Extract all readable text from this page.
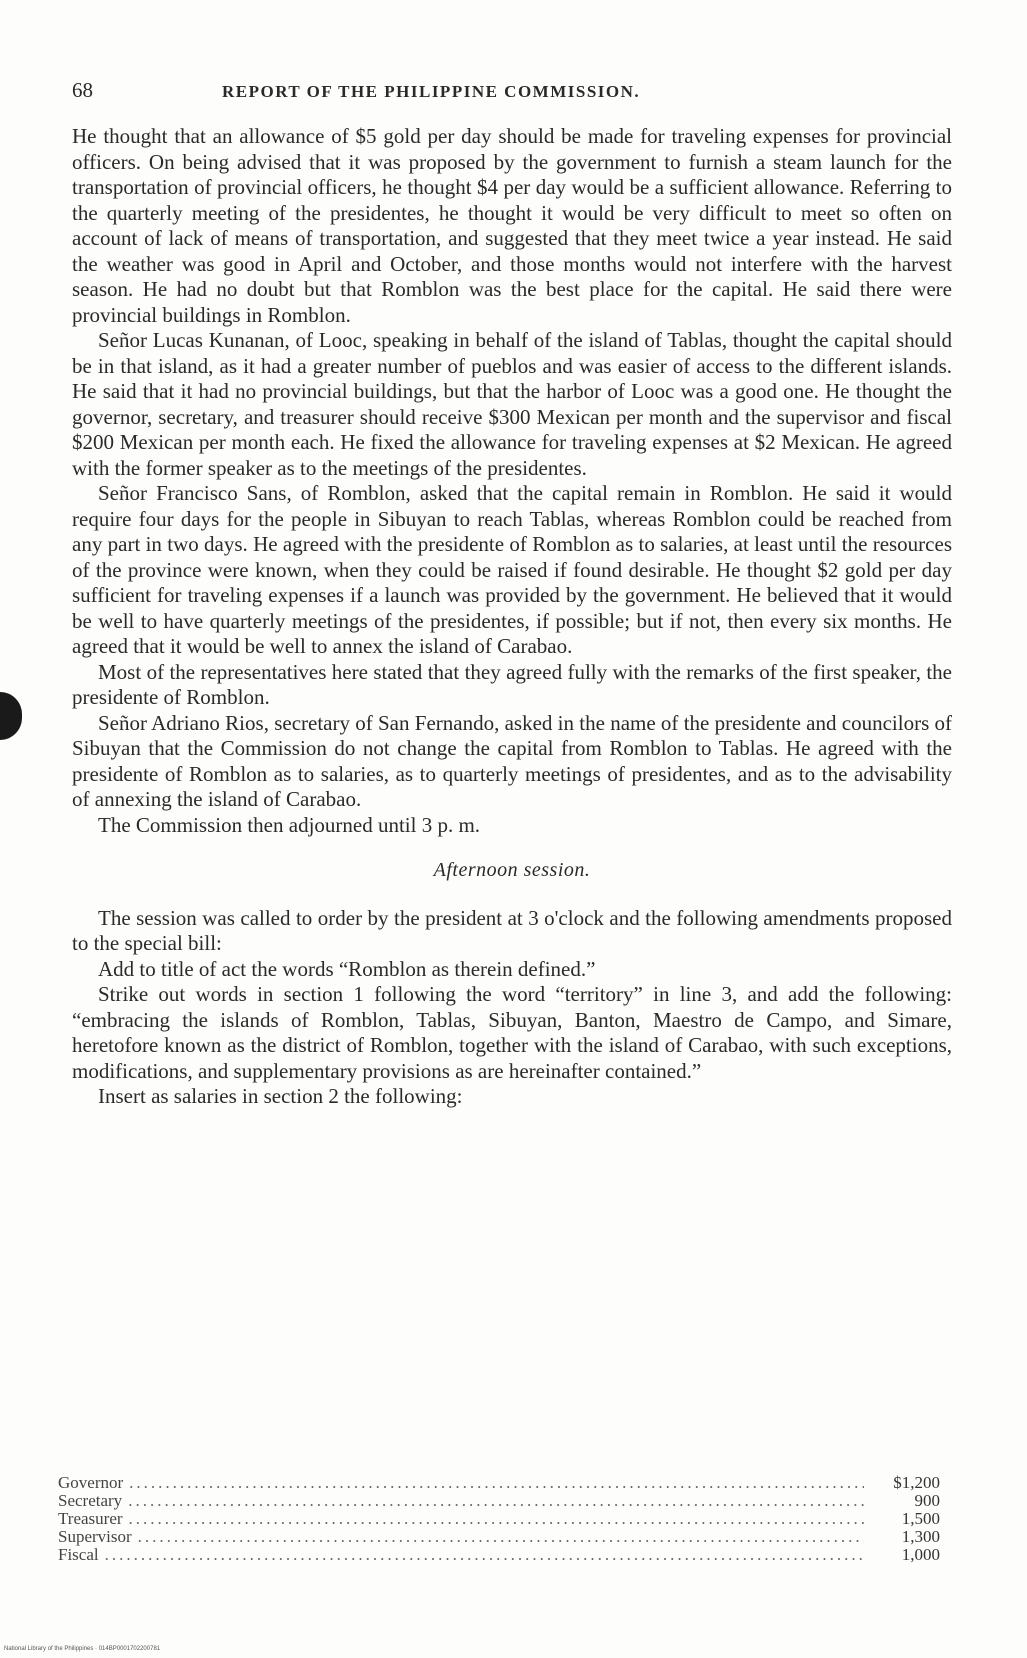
68	REPORT OF THE PHILIPPINE COMMISSION.

He thought that an allowance of $5 gold per day should be made for traveling expenses for provincial officers. On being advised that it was proposed by the government to furnish a steam launch for the transportation of provincial officers, he thought $4 per day would be a sufficient allowance. Referring to the quarterly meeting of the presidentes, he thought it would be very difficult to meet so often on account of lack of means of transportation, and suggested that they meet twice a year instead. He said the weather was good in April and October, and those months would not interfere with the harvest season. He had no doubt but that Romblon was the best place for the capital. He said there were provincial buildings in Romblon.

Señor Lucas Kunanan, of Looc, speaking in behalf of the island of Tablas, thought the capital should be in that island, as it had a greater number of pueblos and was easier of access to the different islands. He said that it had no provincial buildings, but that the harbor of Looc was a good one. He thought the governor, secretary, and treasurer should receive $300 Mexican per month and the supervisor and fiscal $200 Mexican per month each. He fixed the allowance for traveling expenses at $2 Mexican. He agreed with the former speaker as to the meetings of the presidentes.

Señor Francisco Sans, of Romblon, asked that the capital remain in Romblon. He said it would require four days for the people in Sibuyan to reach Tablas, whereas Romblon could be reached from any part in two days. He agreed with the presidente of Romblon as to salaries, at least until the resources of the province were known, when they could be raised if found desirable. He thought $2 gold per day sufficient for traveling expenses if a launch was provided by the government. He believed that it would be well to have quarterly meetings of the presidentes, if possible; but if not, then every six months. He agreed that it would be well to annex the island of Carabao.

Most of the representatives here stated that they agreed fully with the remarks of the first speaker, the presidente of Romblon.

Señor Adriano Rios, secretary of San Fernando, asked in the name of the presidente and councilors of Sibuyan that the Commission do not change the capital from Romblon to Tablas. He agreed with the presidente of Romblon as to salaries, as to quarterly meetings of presidentes, and as to the advisability of annexing the island of Carabao.

The Commission then adjourned until 3 p. m.

Afternoon session.

The session was called to order by the president at 3 o'clock and the following amendments proposed to the special bill:

Add to title of act the words “Romblon as therein defined.”

Strike out words in section 1 following the word “territory” in line 3, and add the following: “embracing the islands of Romblon, Tablas, Sibuyan, Banton, Maestro de Campo, and Simare, heretofore known as the district of Romblon, together with the island of Carabao, with such exceptions, modifications, and supplementary provisions as are hereinafter contained.”

Insert as salaries in section 2 the following:

Governor .....	$1,200
Secretary .....	900
Treasurer .....	1,500
Supervisor .....	1,300
Fiscal .....	1,000
National Library of the Philippines · 014BP0001702200781
